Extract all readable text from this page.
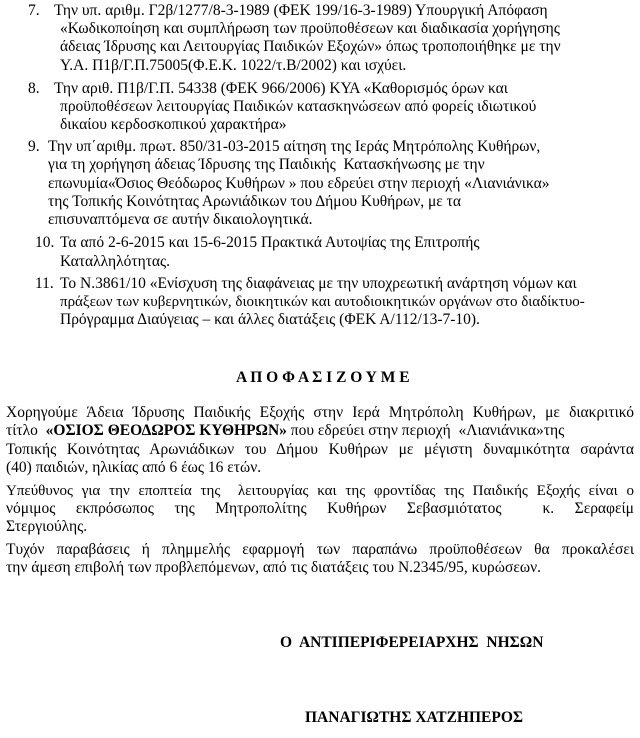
7. Την υπ. αριθμ. Γ2β/1277/8-3-1989 (ΦΕΚ 199/16-3-1989) Υπουργική Απόφαση
«Κωδικοποίηση και συμπλήρωση των προϋποθέσεων και διαδικασία χορήγησης
άδειας Ίδρυσης και Λειτουργίας Παιδικών Εξοχών» όπως τροποποιήθηκε με την
Υ.Α. Π1β/Γ.Π.75005(Φ.Ε.Κ. 1022/τ.Β/2002) και ισχύει.
8. Την αριθ. Π1β/Γ.Π. 54338 (ΦΕΚ 966/2006) ΚΥΑ «Καθορισμός όρων και
προϋποθέσεων λειτουργίας Παιδικών κατασκηνώσεων από φορείς ιδιωτικού
δικαίου κερδοσκοπικού χαρακτήρα»
9. Την υπ΄αριθμ. πρωτ. 850/31-03-2015 αίτηση της Ιεράς Μητρόπολης Κυθήρων,
για τη χορήγηση άδειας Ίδρυσης της Παιδικής  Κατασκήνωσης με την
επωνυμία«Όσιος Θεόδωρος Κυθήρων » που εδρεύει στην περιοχή «Λιανιάνικα»
της Τοπικής Κοινότητας Αρωνιάδικων του Δήμου Κυθήρων, με τα
επισυναπτόμενα σε αυτήν δικαιολογητικά.
10. Τα από 2-6-2015 και 15-6-2015 Πρακτικά Αυτοψίας της Επιτροπής
Καταλληλότητας.
11. Το Ν.3861/10 «Ενίσχυση της διαφάνειας με την υποχρεωτική ανάρτηση νόμων και
πράξεων των κυβερνητικών, διοικητικών και αυτοδιοικητικών οργάνων στο διαδίκτυο-
Πρόγραμμα Διαύγειας – και άλλες διατάξεις (ΦΕΚ Α/112/13-7-10).
Α Π Ο Φ Α Σ Ι Ζ Ο Υ Μ Ε
Χορηγούμε Άδεια Ίδρυσης Παιδικής Εξοχής στην Ιερά Μητρόπολη Κυθήρων, με διακριτικό
τίτλο  «ΟΣΙΟΣ ΘΕΟΔΩΡΟΣ ΚΥΘΗΡΩΝ» που εδρεύει στην περιοχή  «Λιανιάνικα»της
Τοπικής Κοινότητας Αρωνιάδικων του Δήμου Κυθήρων με μέγιστη δυναμικότητα σαράντα
(40) παιδιών, ηλικίας από 6 έως 16 ετών.
Υπεύθυνος για την εποπτεία της  λειτουργίας και της φροντίδας της Παιδικής Εξοχής είναι ο
νόμιμος εκπρόσωπος της Μητροπολίτης Κυθήρων Σεβασμιότατος  κ. Σεραφείμ
Στεργιούλης.
Τυχόν παραβάσεις ή πλημμελής εφαρμογή των παραπάνω προϋποθέσεων θα προκαλέσει
την άμεση επιβολή των προβλεπόμενων, από τις διατάξεις του Ν.2345/95, κυρώσεων.
Ο  ΑΝΤΙΠΕΡΙΦΕΡΕΙΑΡΧΗΣ  ΝΗΣΩΝ
ΠΑΝΑΓΙΩΤΗΣ ΧΑΤΖΗΠΕΡΟΣ
